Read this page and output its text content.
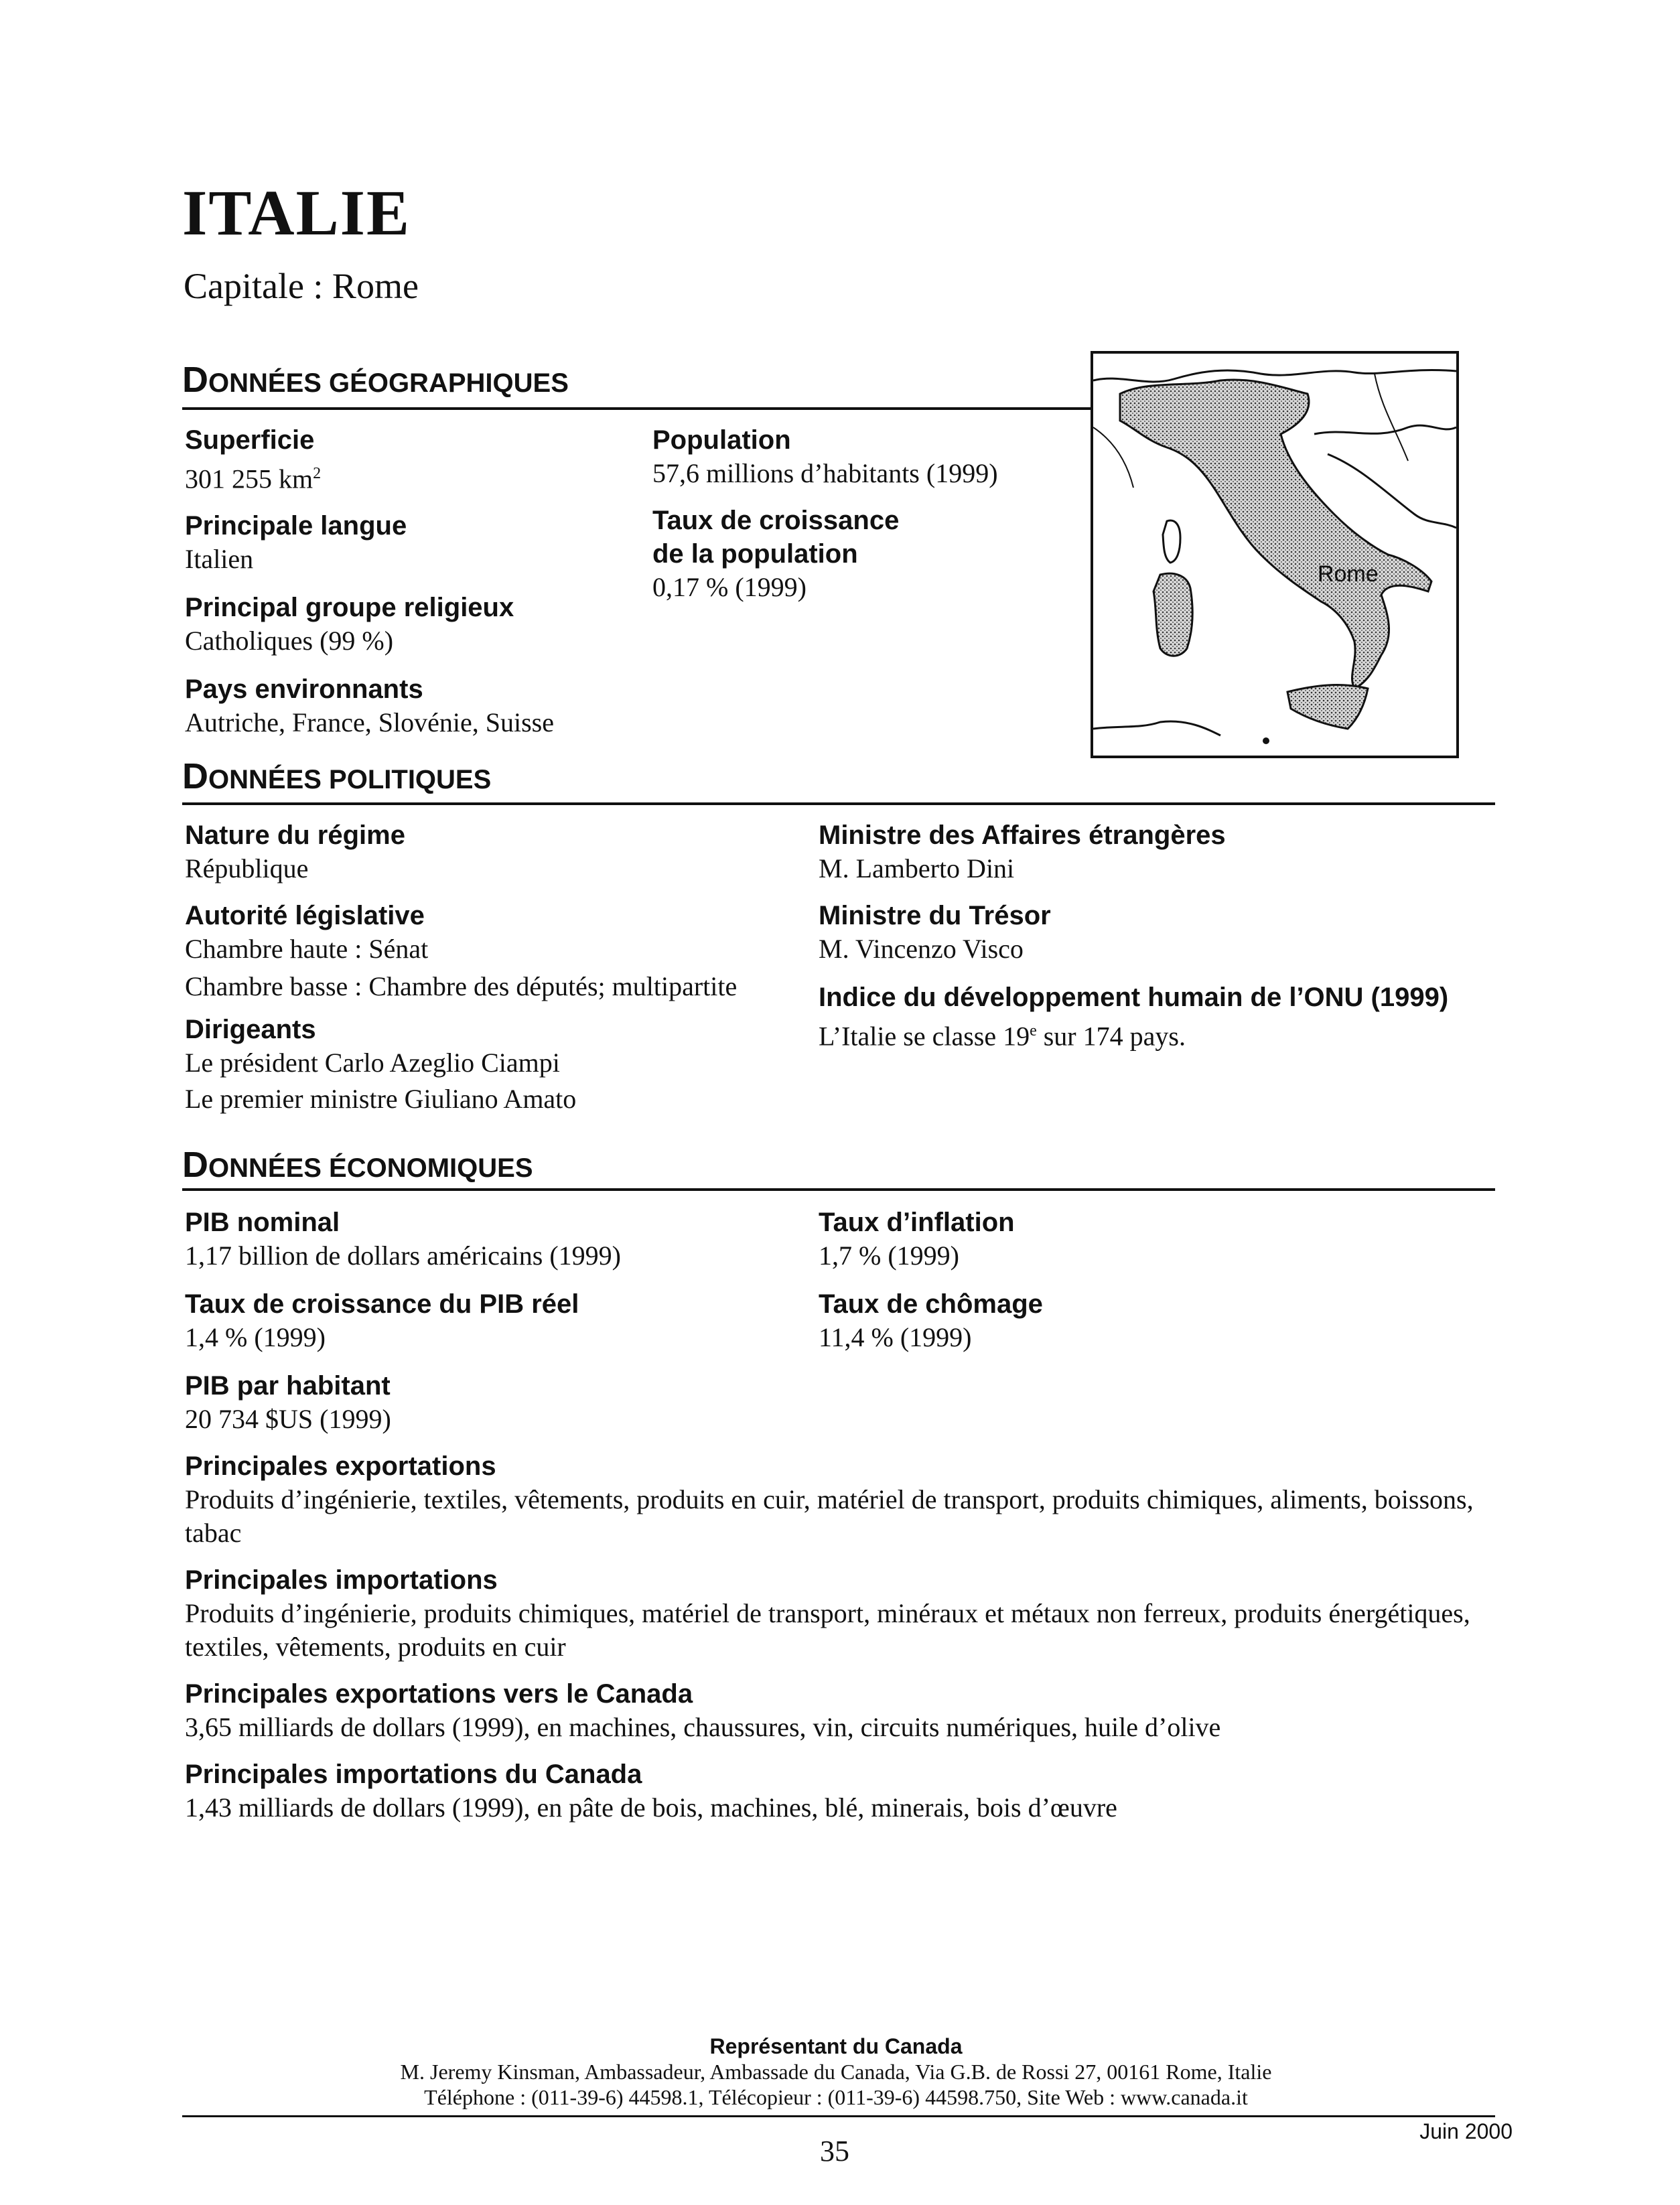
ITALIE
Capitale : Rome
DONNÉES GÉOGRAPHIQUES
Superficie
301 255 $km^2$
Principale langue
Italien
Principal groupe religieux
Catholiques (99 %)
Pays environnants
Autriche, France, Slovénie, Suisse
Population
57,6 millions d’habitants (1999)
Taux de croissance
de la population
0,17 % (1999)	Rome
DONNÉES POLITIQUES
Nature du régime
République
Autorité législative
Chambre haute : Sénat
Chambre basse : Chambre des députés; multipartite
Dirigeants
Le président Carlo Azeglio Ciampi
Le premier ministre Giuliano Amato
Ministre des Affaires étrangères
M. Lamberto Dini
Ministre du Trésor
M. Vincenzo Visco
Indice du développement humain de l’ONU (1999)
L’Italie se classe 19e sur 174 pays.
DONNÉES ÉCONOMIQUES
PIB nominal
1,17 billion de dollars américains (1999)
Taux de croissance du PIB réel
1,4 % (1999)
PIB par habitant
20 734 $US (1999)
Taux d’inflation
1,7 % (1999)
Taux de chômage
11,4 % (1999)
Principales exportations
Produits d’ingénierie, textiles, vêtements, produits en cuir, matériel de transport, produits chimiques, aliments, boissons, tabac
Principales importations
Produits d’ingénierie, produits chimiques, matériel de transport, minéraux et métaux non ferreux, produits énergétiques, textiles, vêtements, produits en cuir
Principales exportations vers le Canada
3,65 milliards de dollars (1999), en machines, chaussures, vin, circuits numériques, huile d’olive
Principales importations du Canada
1,43 milliards de dollars (1999), en pâte de bois, machines, blé, minerais, bois d’œuvre
Représentant du Canada
M. Jeremy Kinsman, Ambassadeur, Ambassade du Canada, Via G.B. de Rossi 27, 00161 Rome, Italie
Téléphone : (011-39-6) 44598.1, Télécopieur : (011-39-6) 44598.750, Site Web : www.canada.it
Juin 2000
35
